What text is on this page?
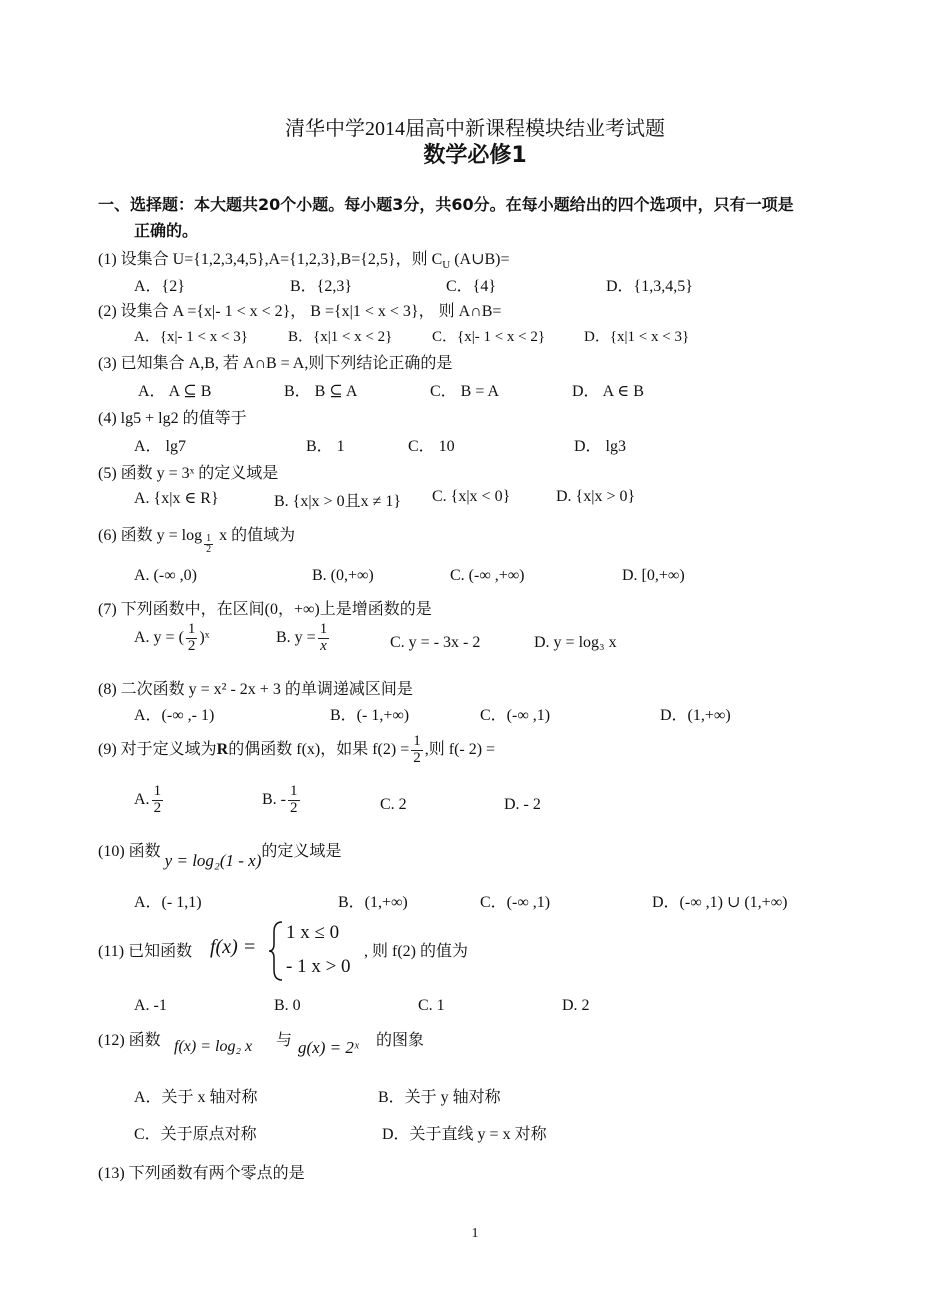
清华中学2014届高中新课程模块结业考试题
数学必修1
一、选择题：本大题共20个小题。每小题3分，共60分。在每小题给出的四个选项中，只有一项是
正确的。
(1) 设集合 U={1,2,3,4,5},A={1,2,3},B={2,5}，则 $C_U$ (A∪B)=
A．{2}	B．{2,3}	C．{4}	D．{1,3,4,5}
(2) 设集合 A ={x|- 1 < x < 2}， B ={x|1 < x < 3}， 则 A∩B=
A．{x|- 1 < x < 3}	B．{x|1 < x < 2}	C．{x|- 1 < x < 2}	D．{x|1 < x < 3}
(3) 已知集合 A,B, 若 A∩B = A,则下列结论正确的是
A． A ⊆ B	B． B ⊆ A	C． B = A	D． A ∈ B
(4) lg5 + lg2 的值等于
A． lg7	B． 1	C． 10	D． lg3
(5) 函数 y = 3ˣ 的定义域是
A. {x|x ∈ R}	B. {x|x > 0且x ≠ 1} C. {x|x < 0}	D. {x|x > 0}
(6) 函数 $y = \log \frac{1}{2}$ x 的值域为
A. (-∞ ,0)	B. (0,+∞)	C. (-∞ ,+∞)	D. [0,+∞)
(7) 下列函数中，在区间(0，+∞)上是增函数的是
A. y = ( $\frac{1}{2}$ )ˣ	B. $y = \frac{1}{x}$	C. y = - 3x - 2	D. y = log₃ x
(8) 二次函数 y = x² - 2x + 3 的单调递减区间是
A．(-∞ ,- 1)	B．(- 1,+∞)	C．(-∞ ,1)	D．(1,+∞)
(9) 对于定义域为R的偶函数 f(x)，如果 $f(2) = \frac{1}{2}$ ,则 f(- 2) =
A. $\frac{1}{2}$	B. - $\frac{1}{2}$	C. 2	D. - 2
(10) 函数 y = log₂(1 - x)的定义域是
A．(- 1,1)	B．(1,+∞)	C．(-∞ ,1)	D．(-∞ ,1) ∪ (1,+∞)
(11) 已知函数 f(x) =
1 x ≤ 0
- 1 x > 0
, 则 f(2) 的值为
A. -1	B. 0	C. 1	D. 2
(12) 函数 f(x) = log₂ x 与 g(x) = 2ˣ 的图象
A．关于 x 轴对称	B．关于 y 轴对称
C．关于原点对称	D．关于直线 y = x 对称
(13) 下列函数有两个零点的是
1
